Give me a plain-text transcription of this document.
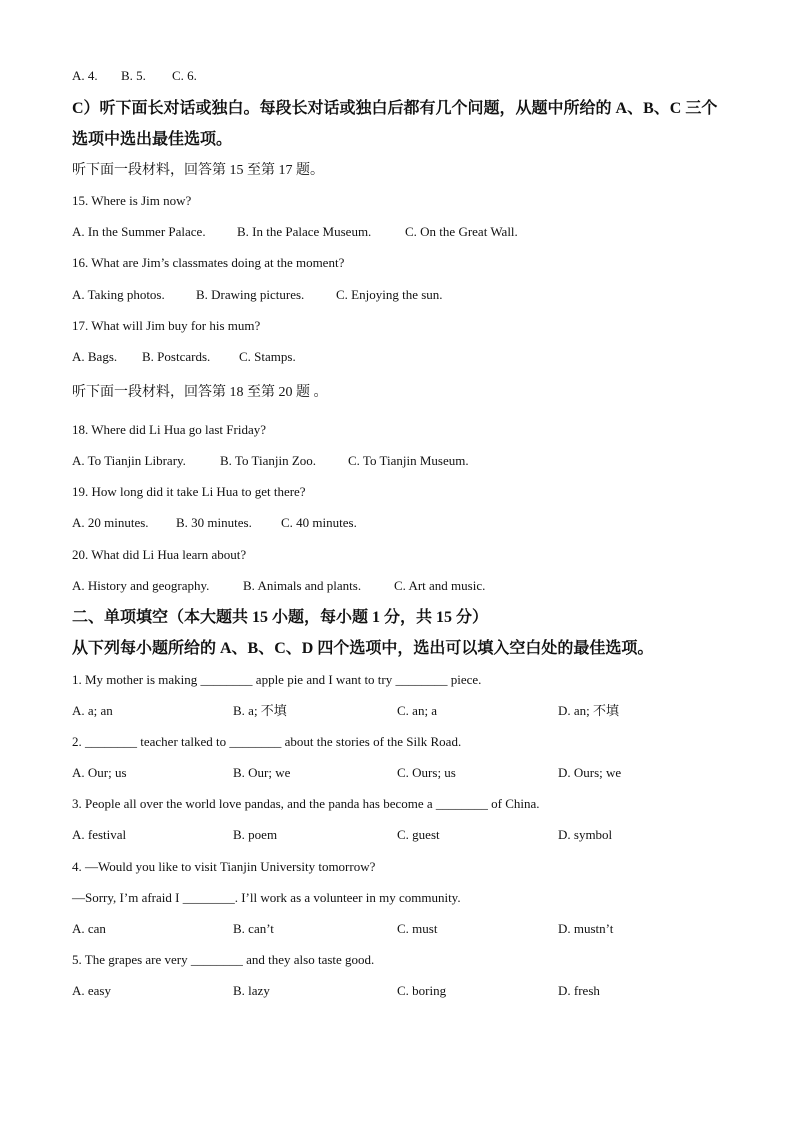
A. 4. B. 5. C. 6.
C）听下面长对话或独白。每段长对话或独白后都有几个问题，从题中所给的 A、B、C 三个
选项中选出最佳选项。
听下面一段材料，回答第 15 至第 17 题。
15. Where is Jim now?
A. In the Summer Palace. B. In the Palace Museum.	C. On the Great Wall.
16. What are Jim’s classmates doing at the moment?
A. Taking photos. B. Drawing pictures. C. Enjoying the sun.
17. What will Jim buy for his mum?
A. Bags. B. Postcards. C. Stamps.
听下面一段材料，回答第 18 至第 20 题 。
18. Where did Li Hua go last Friday?
A. To Tianjin Library.	B. To Tianjin Zoo. C. To Tianjin Museum.
19. How long did it take Li Hua to get there?
A. 20 minutes. B. 30 minutes. C. 40 minutes.
20. What did Li Hua learn about?
A. History and geography.	B. Animals and plants.	C. Art and music.
二、单项填空（本大题共 15 小题，每小题 1 分，共 15 分）
从下列每小题所给的 A、B、C、D 四个选项中，选出可以填入空白处的最佳选项。
1. My mother is making ________ apple pie and I want to try ________ piece.
A. a; an	B. a; 不填	C. an; a	D. an; 不填
2. ________ teacher talked to ________ about the stories of the Silk Road.
A. Our; us	B. Our; we	C. Ours; us	D. Ours; we
3. People all over the world love pandas, and the panda has become a ________ of China.
A. festival	B. poem	C. guest	D. symbol
4. —Would you like to visit Tianjin University tomorrow?
—Sorry, I’m afraid I ________. I’ll work as a volunteer in my community.
A. can	B. can’t	C. must	D. mustn’t
5. The grapes are very ________ and they also taste good.
A. easy	B. lazy	C. boring	D. fresh
